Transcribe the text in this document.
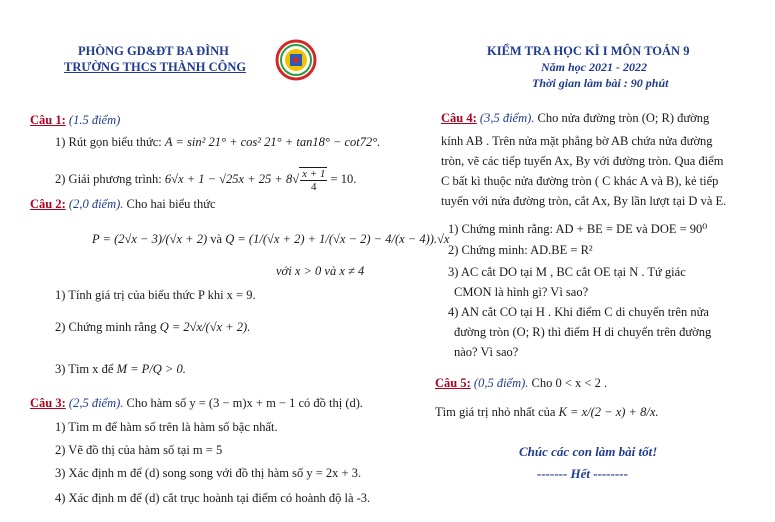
PHÒNG GD&ĐT BA ĐÌNH
TRƯỜNG THCS THÀNH CÔNG
KIỂM TRA HỌC KÌ I MÔN TOÁN 9
Năm học 2021 - 2022
Thời gian làm bài : 90 phút
Câu 1: (1.5 điểm)
1) Rút gọn biểu thức: A = sin² 21° + cos² 21° + tan18° − cot72°.
2) Giải phương trình: $6√x + 1 - √25x + 25 + 8√ \frac{x + 1}{4} = 10$.
Câu 2: (2,0 điểm). Cho hai biểu thức
P = (2√x − 3)/(√x + 2) và Q = (1/(√x + 2) + 1/(√x − 2) − 4/(x − 4)).√x
với x > 0 và x ≠ 4
1) Tính giá trị của biểu thức P khi x = 9.
2) Chứng minh rằng Q = 2√x/(√x + 2).
3) Tìm x để M = P/Q > 0.
Câu 3: (2,5 điểm). Cho hàm số y = (3 − m)x + m − 1 có đồ thị (d).
1) Tìm m để hàm số trên là hàm số bậc nhất.
2) Vẽ đồ thị của hàm số tại m = 5
3) Xác định m để (d) song song với đồ thị hàm số y = 2x + 3.
4) Xác định m để (d) cắt trục hoành tại điểm có hoành độ là -3.
Câu 4: (3,5 điểm). Cho nửa đường tròn (O; R) đường
kính AB . Trên nửa mặt phẳng bờ AB chứa nửa đường
tròn, vẽ các tiếp tuyến Ax, By với đường tròn. Qua điểm
C bất kì thuộc nửa đường tròn ( C khác A và B), kẻ tiếp
tuyến với nửa đường tròn, cắt Ax, By lần lượt tại D và E.
1) Chứng minh rằng: AD + BE = DE và DOE = 90⁰
2) Chứng minh: AD.BE = R²
3) AC cắt DO tại M , BC cắt OE tại N . Tứ giác
CMON là hình gì? Vì sao?
4) AN cắt CO tại H . Khi điểm C di chuyển trên nửa
đường tròn (O; R) thì điểm H di chuyển trên đường
nào? Vì sao?
Câu 5: (0,5 điểm). Cho 0 < x < 2 .
Tìm giá trị nhỏ nhất của K = x/(2 − x) + 8/x.
Chúc các con làm bài tốt!
------- Hết --------
